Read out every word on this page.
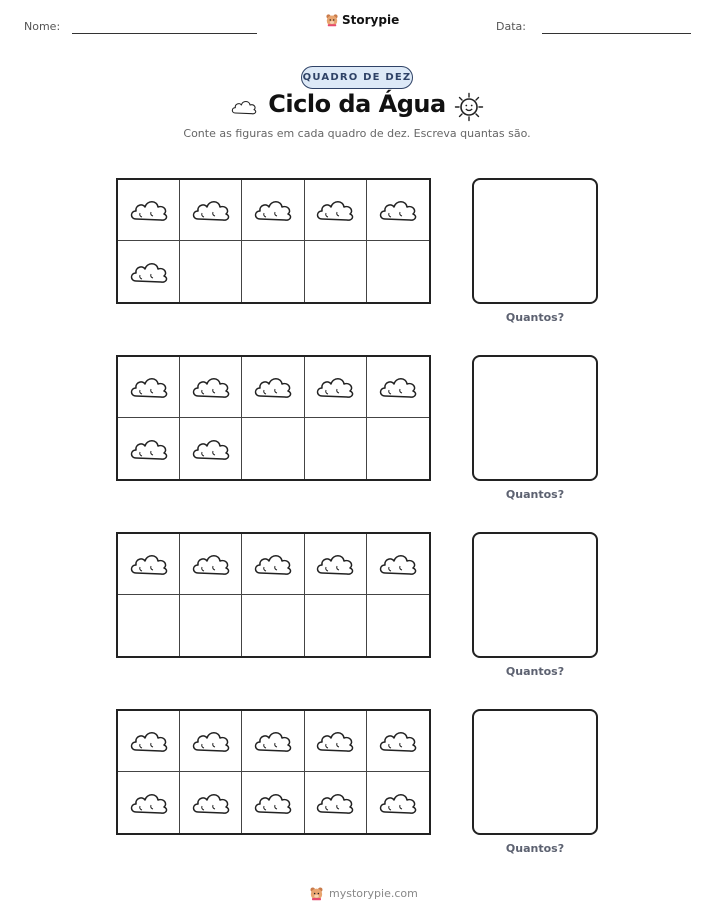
Nome:	Storypie	Data:
QUADRO DE DEZ
Ciclo da Água
Conte as figuras em cada quadro de dez. Escreva quantas são.
Quantos?
Quantos?
Quantos?
Quantos?
mystorypie.com
